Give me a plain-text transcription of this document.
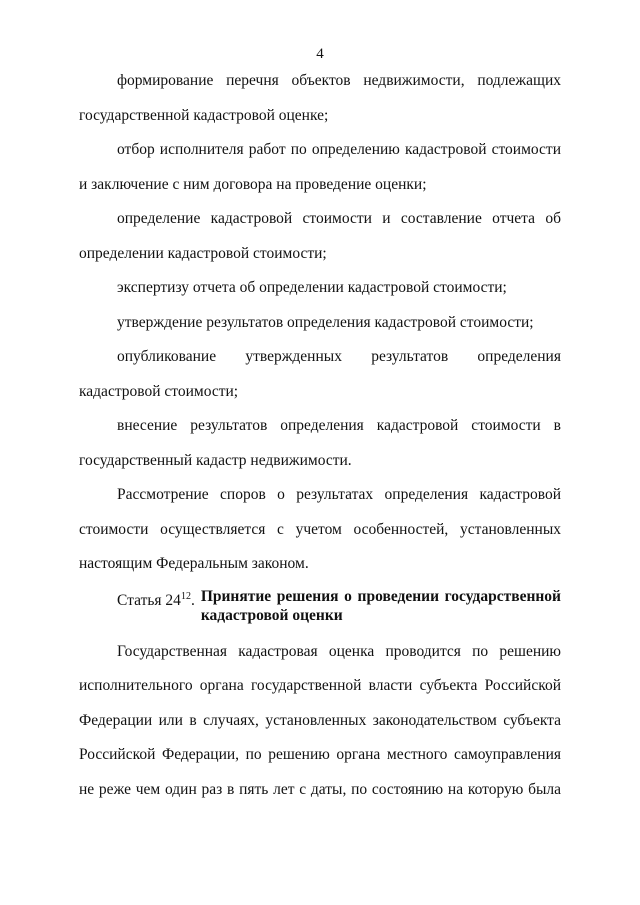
4

формирование перечня объектов недвижимости, подлежащих государственной кадастровой оценке;

отбор исполнителя работ по определению кадастровой стоимости и заключение с ним договора на проведение оценки;

определение кадастровой стоимости и составление отчета об определении кадастровой стоимости;

экспертизу отчета об определении кадастровой стоимости;

утверждение результатов определения кадастровой стоимости;

опубликование утвержденных результатов определения кадастровой стоимости;

внесение результатов определения кадастровой стоимости в государственный кадастр недвижимости.

Рассмотрение споров о результатах определения кадастровой стоимости осуществляется с учетом особенностей, установленных настоящим Федеральным законом.

Статья $24^{12}$. Принятие решения о проведении государственной кадастровой оценки

Государственная кадастровая оценка проводится по решению исполнительного органа государственной власти субъекта Российской Федерации или в случаях, установленных законодательством субъекта Российской Федерации, по решению органа местного самоуправления не реже чем один раз в пять лет с даты, по состоянию на которую была
